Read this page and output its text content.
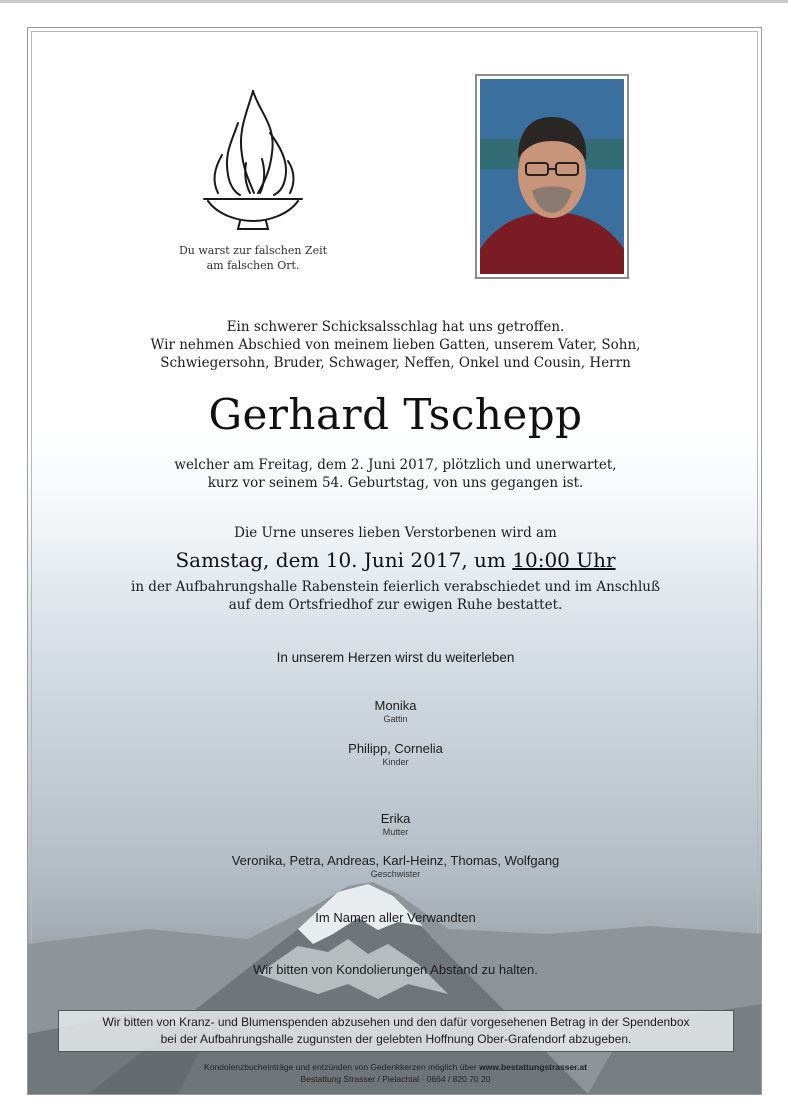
Du warst zur falschen Zeit
am falschen Ort.
Ein schwerer Schicksalsschlag hat uns getroffen.
Wir nehmen Abschied von meinem lieben Gatten, unserem Vater, Sohn,
Schwiegersohn, Bruder, Schwager, Neffen, Onkel und Cousin, Herrn
Gerhard Tschepp
welcher am Freitag, dem 2. Juni 2017, plötzlich und unerwartet,
kurz vor seinem 54. Geburtstag, von uns gegangen ist.
Die Urne unseres lieben Verstorbenen wird am
Samstag, dem 10. Juni 2017, um 10:00 Uhr
in der Aufbahrungshalle Rabenstein feierlich verabschiedet und im Anschluß
auf dem Ortsfriedhof zur ewigen Ruhe bestattet.
In unserem Herzen wirst du weiterleben
Monika
Gattin
Philipp, Cornelia
Kinder
Erika
Mutter
Veronika, Petra, Andreas, Karl-Heinz, Thomas, Wolfgang
Geschwister
Im Namen aller Verwandten
Wir bitten von Kondolierungen Abstand zu halten.
Wir bitten von Kranz- und Blumenspenden abzusehen und den dafür vorgesehenen Betrag in der Spendenbox
bei der Aufbahrungshalle zugunsten der gelebten Hoffnung Ober-Grafendorf abzugeben.
Kondolenzbucheinträge und entzünden von Gedenkkerzen möglich über www.bestattungstrasser.at
Bestattung Strasser / Pielachtal · 0664 / 820 70 20
